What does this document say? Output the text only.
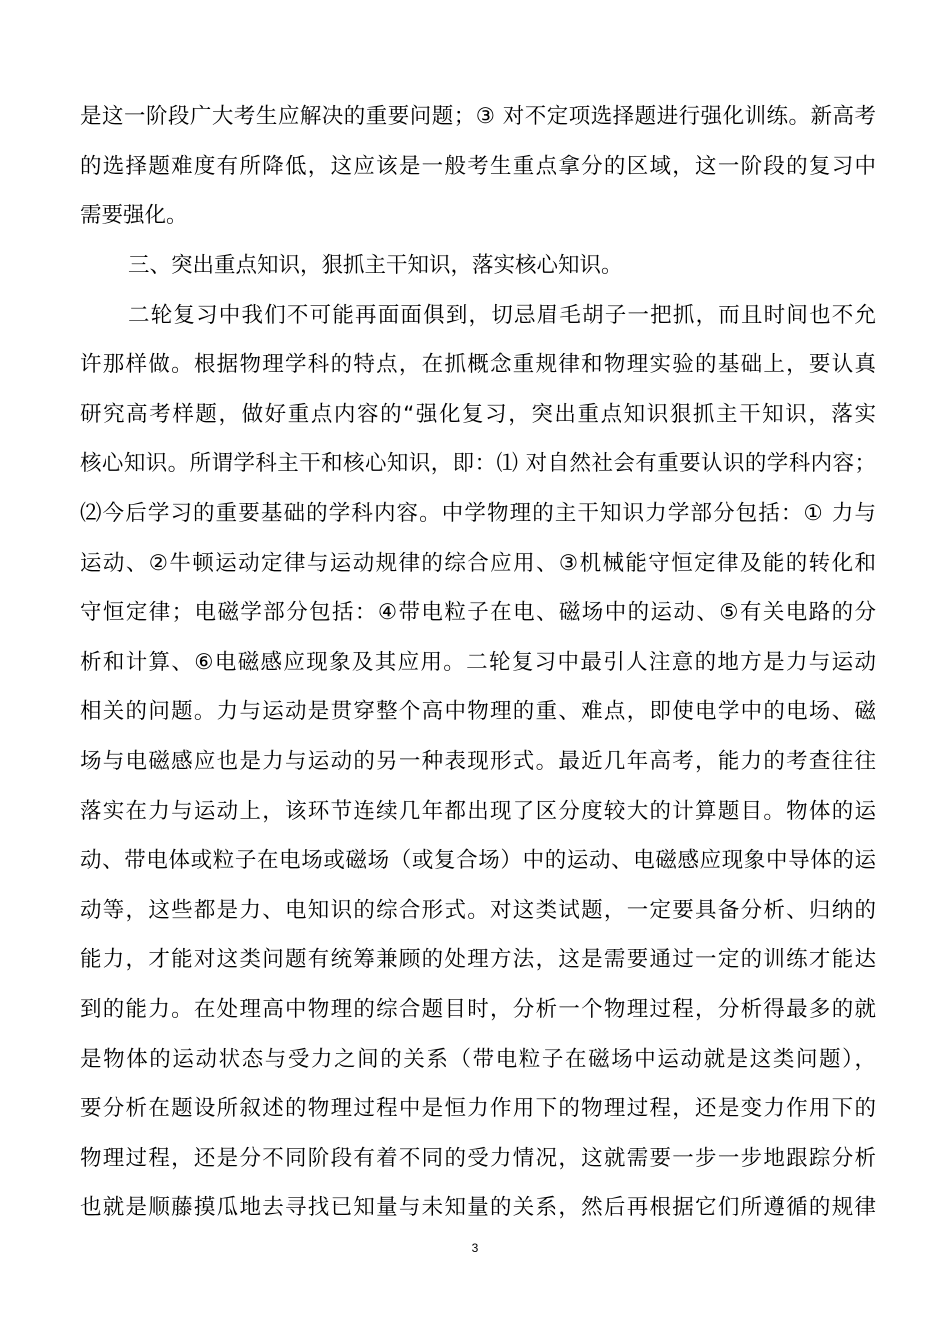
是这一阶段广大考生应解决的重要问题；③ 对不定项选择题进行强化训练。新高考
的选择题难度有所降低，这应该是一般考生重点拿分的区域，这一阶段的复习中
需要强化。
三、突出重点知识，狠抓主干知识，落实核心知识。
二轮复习中我们不可能再面面俱到，切忌眉毛胡子一把抓，而且时间也不允
许那样做。根据物理学科的特点，在抓概念重规律和物理实验的基础上，要认真
研究高考样题，做好重点内容的“强化复习，突出重点知识狠抓主干知识，落实
核心知识。所谓学科主干和核心知识，即：⑴ 对自然社会有重要认识的学科内容；
⑵今后学习的重要基础的学科内容。中学物理的主干知识力学部分包括：① 力与
运动、②牛顿运动定律与运动规律的综合应用、③机械能守恒定律及能的转化和
守恒定律；电磁学部分包括：④带电粒子在电、磁场中的运动、⑤有关电路的分
析和计算、⑥电磁感应现象及其应用。二轮复习中最引人注意的地方是力与运动
相关的问题。力与运动是贯穿整个高中物理的重、难点，即使电学中的电场、磁
场与电磁感应也是力与运动的另一种表现形式。最近几年高考，能力的考查往往
落实在力与运动上，该环节连续几年都出现了区分度较大的计算题目。物体的运
动、带电体或粒子在电场或磁场（或复合场）中的运动、电磁感应现象中导体的运
动等，这些都是力、电知识的综合形式。对这类试题，一定要具备分析、归纳的
能力，才能对这类问题有统筹兼顾的处理方法，这是需要通过一定的训练才能达
到的能力。在处理高中物理的综合题目时，分析一个物理过程，分析得最多的就
是物体的运动状态与受力之间的关系（带电粒子在磁场中运动就是这类问题），
要分析在题设所叙述的物理过程中是恒力作用下的物理过程，还是变力作用下的
物理过程，还是分不同阶段有着不同的受力情况，这就需要一步一步地跟踪分析
也就是顺藤摸瓜地去寻找已知量与未知量的关系，然后再根据它们所遵循的规律
3
